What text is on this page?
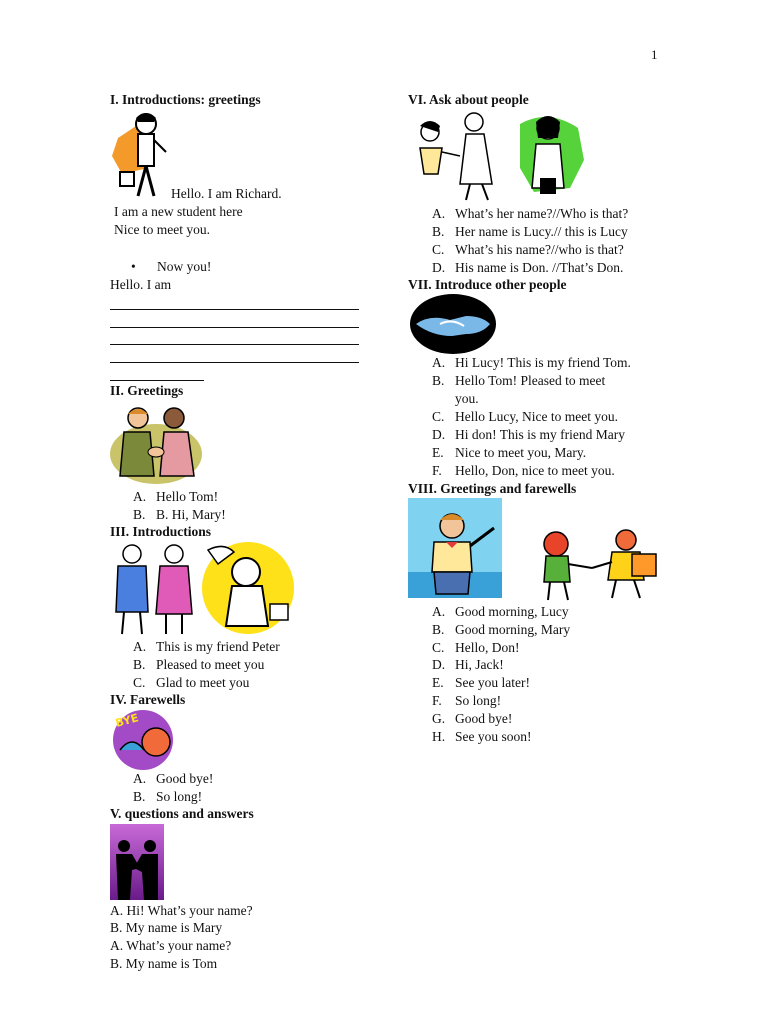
1
I. Introductions: greetings
Hello. I am Richard.
I am a new student here
Nice to meet you.
• Now you!
Hello. I am
II. Greetings
A. Hello Tom!
B. B. Hi, Mary!
III. Introductions
A. This is my friend Peter
B. Pleased to meet you
C. Glad to meet you
IV. Farewells
BYE
A. Good bye!
B. So long!
V. questions and answers
A. Hi! What’s your name?
B. My name is Mary
A. What’s your name?
B. My name is Tom
VI. Ask about people
A. What’s her name?//Who is that?
B. Her name is Lucy.// this is Lucy
C. What’s his name?//who is that?
D. His name is Don. //That’s Don.
VII. Introduce other people
A. Hi Lucy! This is my friend Tom.
B. Hello Tom! Pleased to meet
you.
C. Hello Lucy, Nice to meet you.
D. Hi don! This is my friend Mary
E. Nice to meet you, Mary.
F. Hello, Don, nice to meet you.
VIII. Greetings and farewells
A. Good morning, Lucy
B. Good morning, Mary
C. Hello, Don!
D. Hi, Jack!
E. See you later!
F. So long!
G. Good bye!
H. See you soon!
